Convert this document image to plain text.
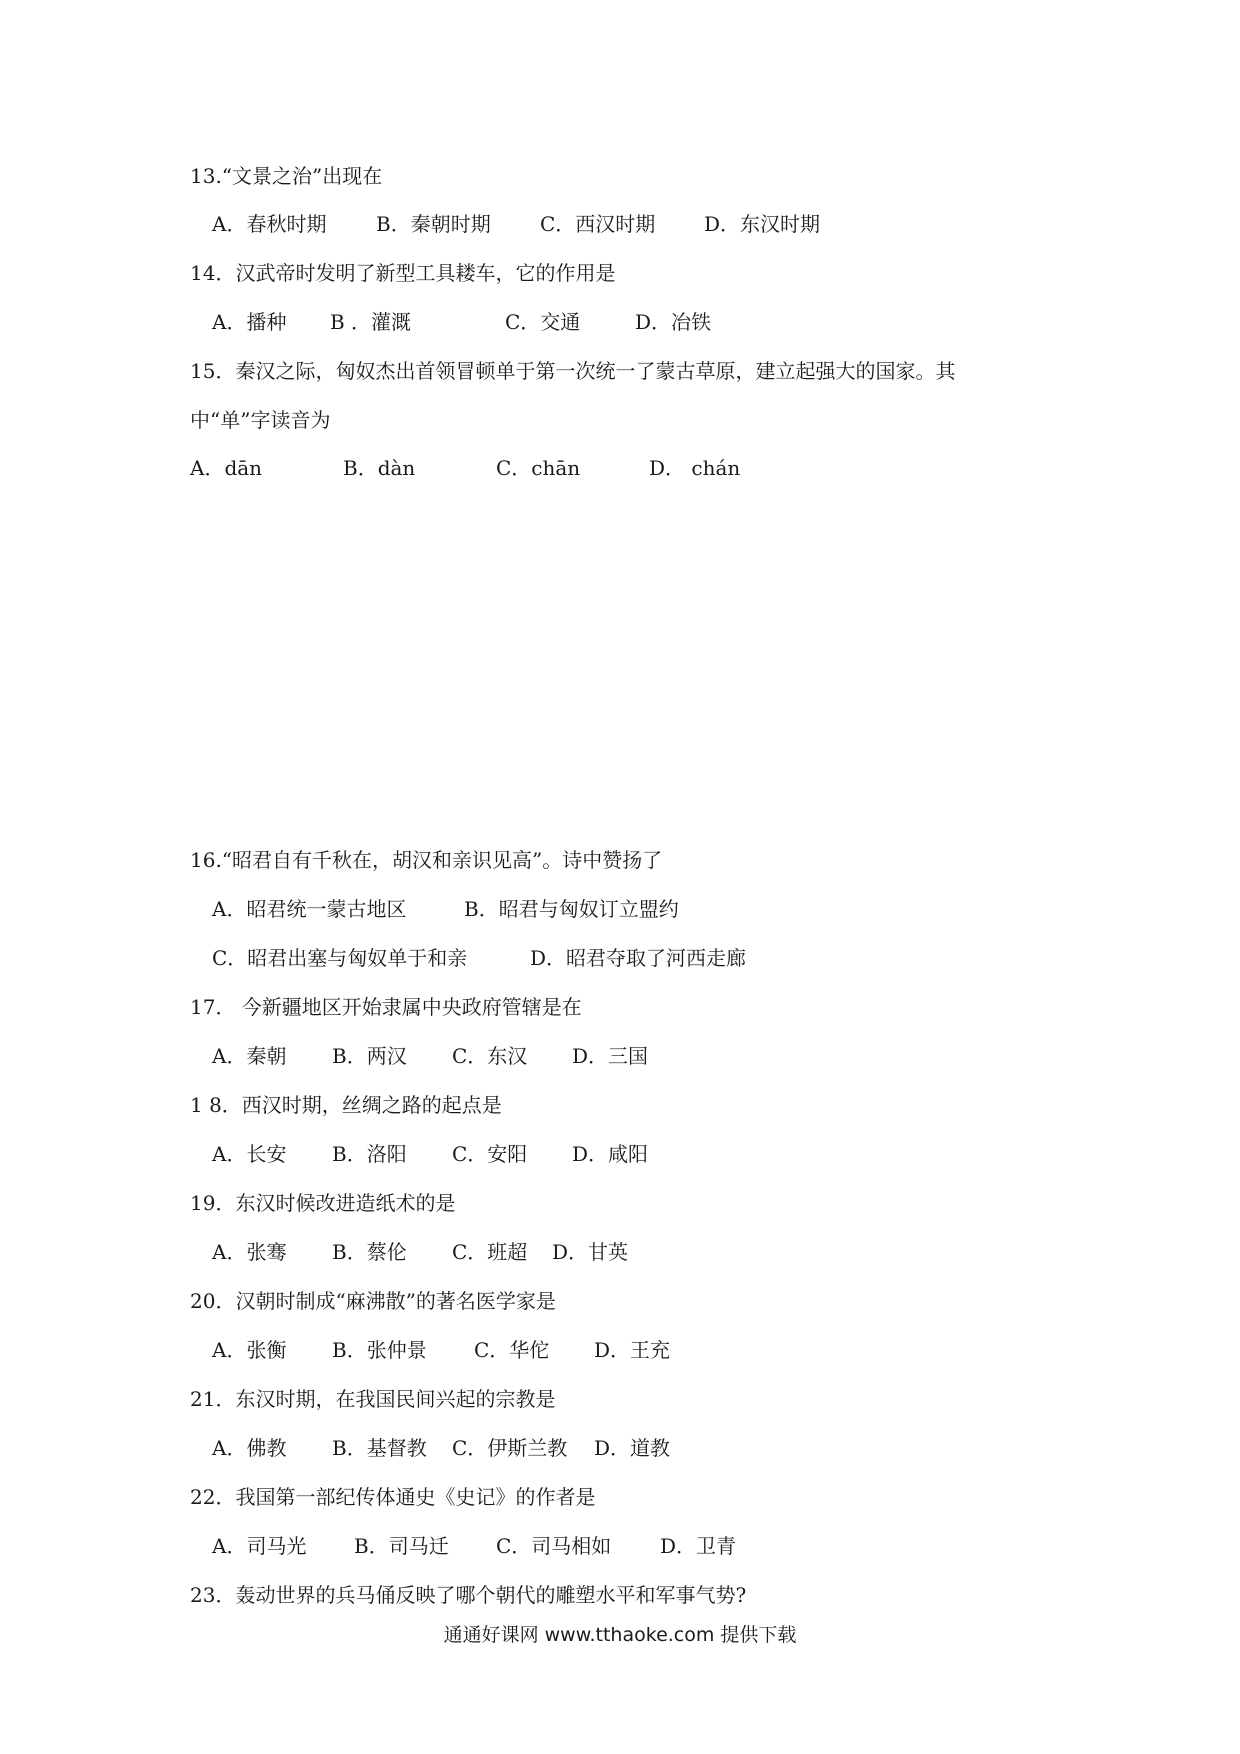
13.“文景之治”出现在
A．春秋时期 B．秦朝时期 C．西汉时期 D．东汉时期
14．汉武帝时发明了新型工具耧车，它的作用是
A．播种 B ．灌溉	C．交通	D．冶铁
15．秦汉之际，匈奴杰出首领冒顿单于第一次统一了蒙古草原，建立起强大的国家。其
中“单”字读音为
A．dān	B．dàn	C．chān	D． chán
16.“昭君自有千秋在，胡汉和亲识见高”。诗中赞扬了
A．昭君统一蒙古地区	B．昭君与匈奴订立盟约
C．昭君出塞与匈奴单于和亲	D．昭君夺取了河西走廊
17． 今新疆地区开始隶属中央政府管辖是在
A．秦朝 B．两汉 C．东汉 D．三国
1 8．西汉时期，丝绸之路的起点是
A．长安 B．洛阳 C．安阳 D．咸阳
19．东汉时候改进造纸术的是
A．张骞 B．蔡伦 C．班超 D．甘英
20．汉朝时制成“麻沸散”的著名医学家是
A．张衡 B．张仲景 C．华佗 D．王充
21．东汉时期，在我国民间兴起的宗教是
A．佛教 B．基督教 C．伊斯兰教 D．道教
22．我国第一部纪传体通史《史记》的作者是
A．司马光 B．司马迁 C．司马相如 D．卫青
23．轰动世界的兵马俑反映了哪个朝代的雕塑水平和军事气势?
通通好课网 www.tthaoke.com 提供下载
